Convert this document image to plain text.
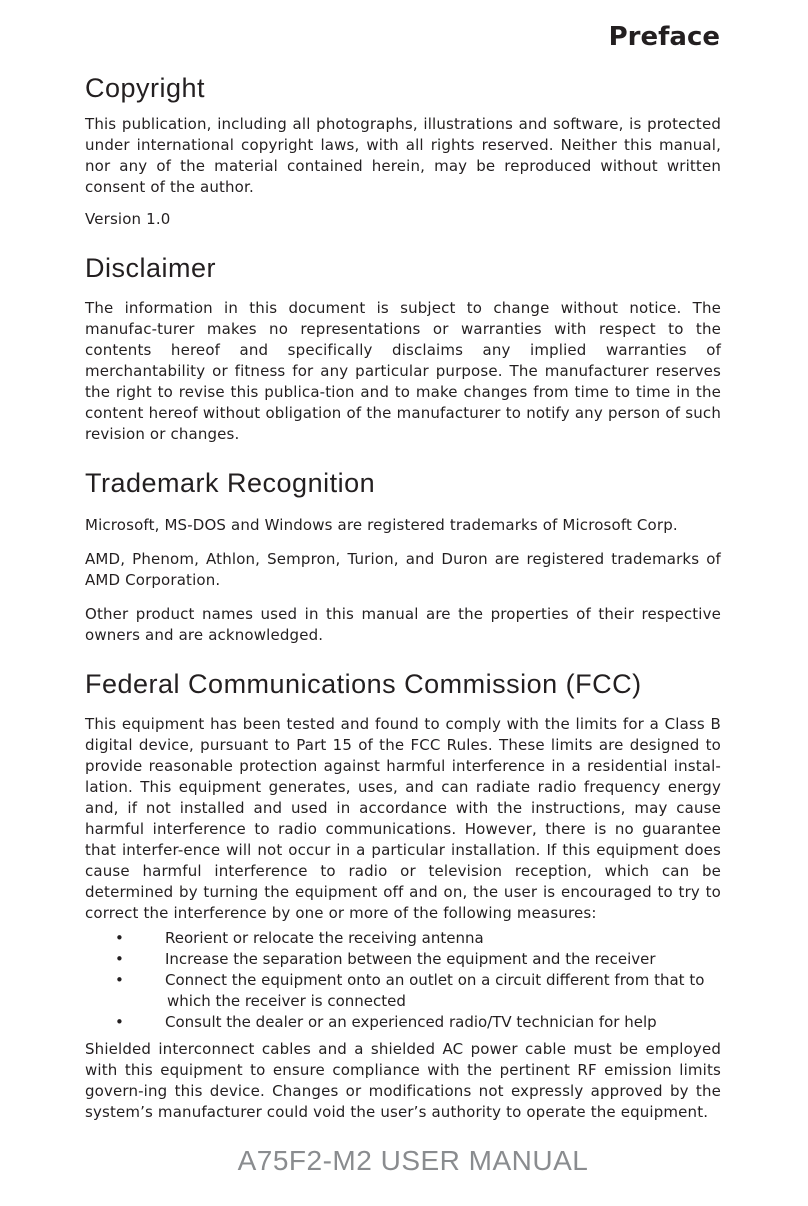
Preface
Copyright

This publication, including all photographs, illustrations and software, is protected under international copyright laws, with all rights reserved. Neither this manual, nor any of the material contained herein, may be reproduced without written consent of the author.

Version 1.0

Disclaimer

The information in this document is subject to change without notice. The manufac-turer makes no representations or warranties with respect to the contents hereof and specifically disclaims any implied warranties of merchantability or fitness for any particular purpose. The manufacturer reserves the right to revise this publica-tion and to make changes from time to time in the content hereof without obligation of the manufacturer to notify any person of such revision or changes.

Trademark Recognition

Microsoft, MS-DOS and Windows are registered trademarks of Microsoft Corp.

AMD, Phenom, Athlon, Sempron, Turion, and Duron are registered trademarks of AMD Corporation.

Other product names used in this manual are the properties of their respective owners and are acknowledged.

Federal Communications Commission (FCC)

This equipment has been tested and found to comply with the limits for a Class B digital device, pursuant to Part 15 of the FCC Rules. These limits are designed to provide reasonable protection against harmful interference in a residential instal-lation. This equipment generates, uses, and can radiate radio frequency energy and, if not installed and used in accordance with the instructions, may cause harmful interference to radio communications. However, there is no guarantee that interfer-ence will not occur in a particular installation. If this equipment does cause harmful interference to radio or television reception, which can be determined by turning the equipment off and on, the user is encouraged to try to correct the interference by one or more of the following measures:

•	Reorient or relocate the receiving antenna
•	Increase the separation between the equipment and the receiver
•	Connect the equipment onto an outlet on a circuit different from that to
which the receiver is connected
•	Consult the dealer or an experienced radio/TV technician for help

Shielded interconnect cables and a shielded AC power cable must be employed with this equipment to ensure compliance with the pertinent RF emission limits govern-ing this device. Changes or modifications not expressly approved by the system’s manufacturer could void the user’s authority to operate the equipment.

A75F2-M2 USER MANUAL
